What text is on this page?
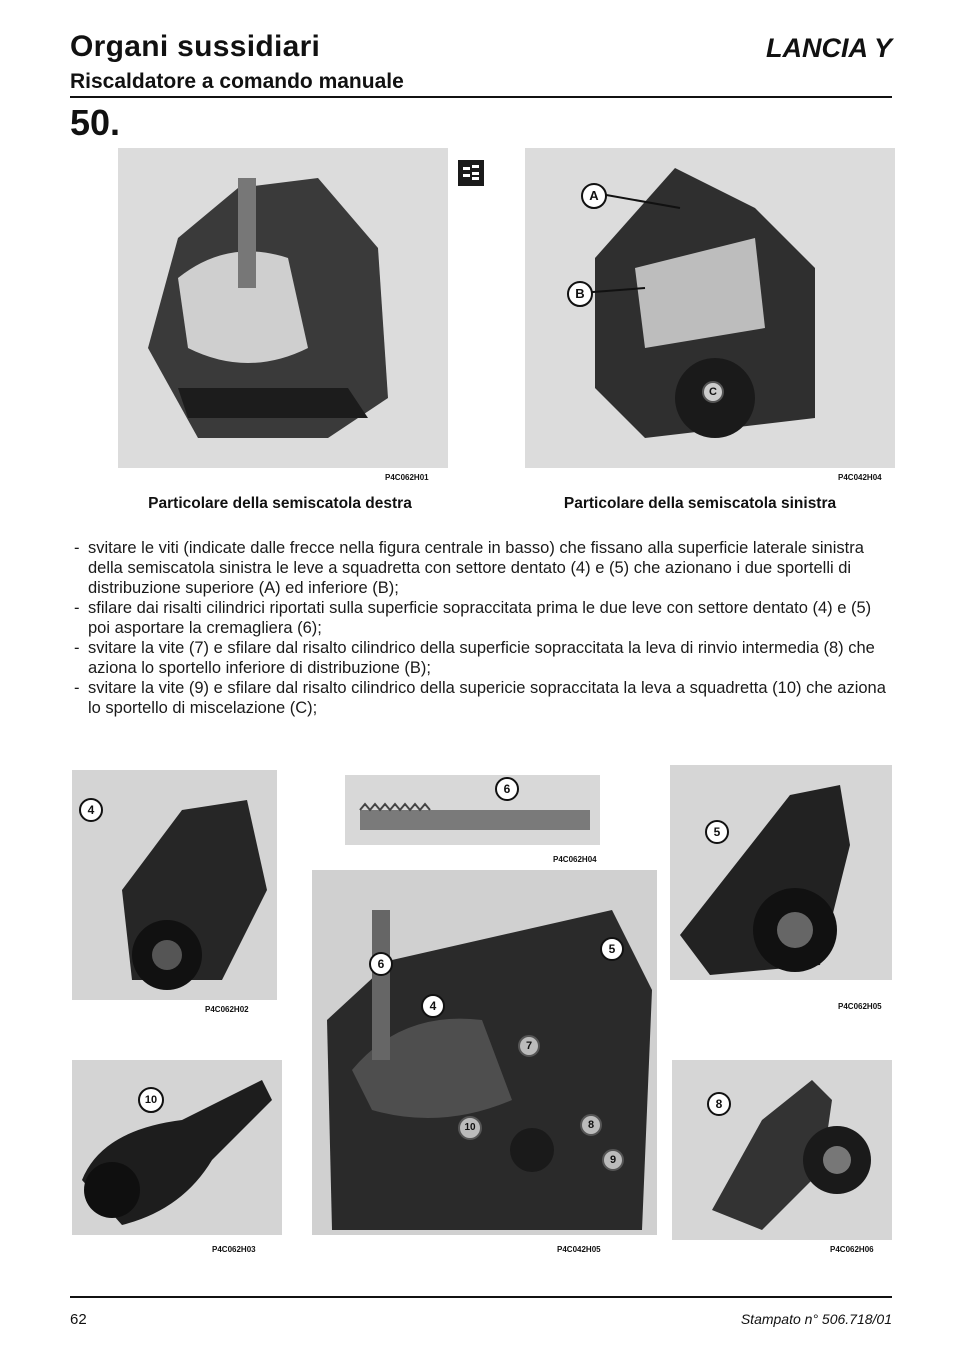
Organi sussidiari	LANCIA Y
Riscaldatore a comando manuale
50.
P4C062H01
Particolare della semiscatola destra
A
B
C
P4C042H04
Particolare della semiscatola sinistra
- svitare le viti (indicate dalle frecce nella figura centrale in basso) che fissano alla superficie laterale sinistra della semiscatola sinistra le leve a squadretta con settore dentato (4) e (5) che azionano i due sportelli di distribuzione superiore (A) ed inferiore (B);
- sfilare dai risalti cilindrici riportati sulla superficie sopraccitata prima le due leve con settore dentato (4) e (5) poi asportare la cremagliera (6);
- svitare la vite (7) e sfilare dal risalto cilindrico della superficie sopraccitata la leva di rinvio intermedia (8) che aziona lo sportello inferiore di distribuzione (B);
- svitare la vite (9) e sfilare dal risalto cilindrico della supericie sopraccitata la leva a squadretta (10) che aziona lo sportello di miscelazione (C);
4
P4C062H02
10
P4C062H03
6
P4C062H04
6
4
5
7
8
10
9
P4C042H05
5
P4C062H05
8
P4C062H06
62	Stampato n° 506.718/01
